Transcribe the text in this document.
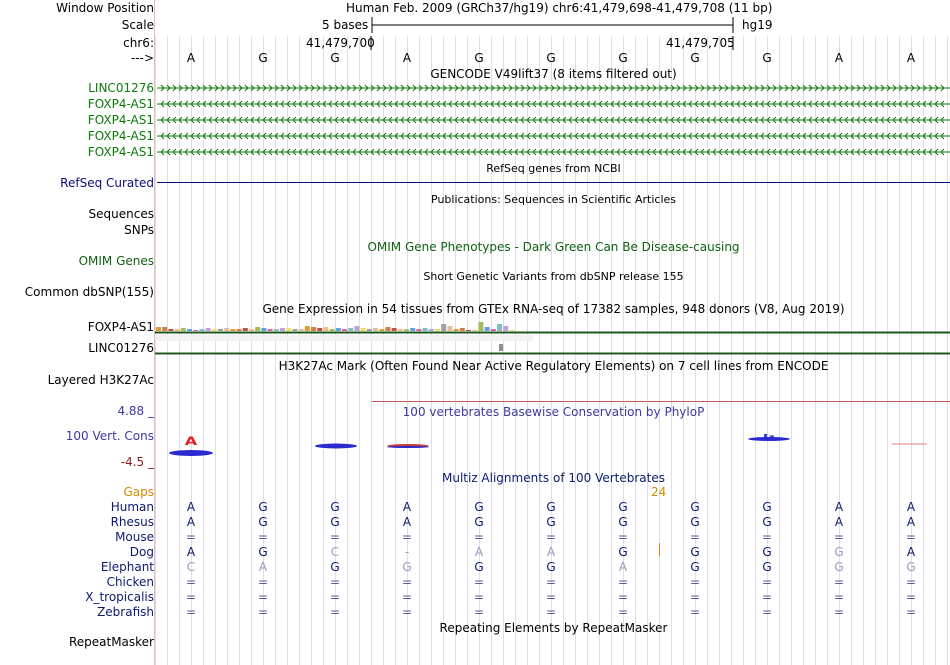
Window Position	Human Feb. 2009 (GRCh37/hg19) chr6:41,479,698-41,479,708 (11 bp)
Scale	5 bases	hg19
chr6:	41,479,700	41,479,705
--->	A	G	G	A	G	G	G	G	G	A	A
GENCODE V49lift37 (8 items filtered out)
LINC01276
FOXP4-AS1
FOXP4-AS1
FOXP4-AS1
FOXP4-AS1
RefSeq genes from NCBI
RefSeq Curated
Publications: Sequences in Scientific Articles
Sequences
SNPs
OMIM Gene Phenotypes - Dark Green Can Be Disease-causing
OMIM Genes
Short Genetic Variants from dbSNP release 155
Common dbSNP(155)
Gene Expression in 54 tissues from GTEx RNA-seq of 17382 samples, 948 donors (V8, Aug 2019)
FOXP4-AS1
LINC01276
H3K27Ac Mark (Often Found Near Active Regulatory Elements) on 7 cell lines from ENCODE
Layered H3K27Ac
100 vertebrates Basewise Conservation by PhyloP
4.88 _
100 Vert. Cons
-4.5 _
A
Multiz Alignments of 100 Vertebrates
Gaps	24
Human	A	G	G	A	G	G	G	G	G	A	A
Rhesus	A	G	G	A	G	G	G	G	G	A	A
Mouse	=	=	=	=	=	=	=	=	=	=	=
Dog	A	G	C	-	A	A	G	G	G	G	A
Elephant	C	A	G	G	G	G	A	G	G	G	G
Chicken	=	=	=	=	=	=	=	=	=	=	=
X_tropicalis	=	=	=	=	=	=	=	=	=	=	=
Zebrafish	=	=	=	=	=	=	=	=	=	=	=
Repeating Elements by RepeatMasker
RepeatMasker
